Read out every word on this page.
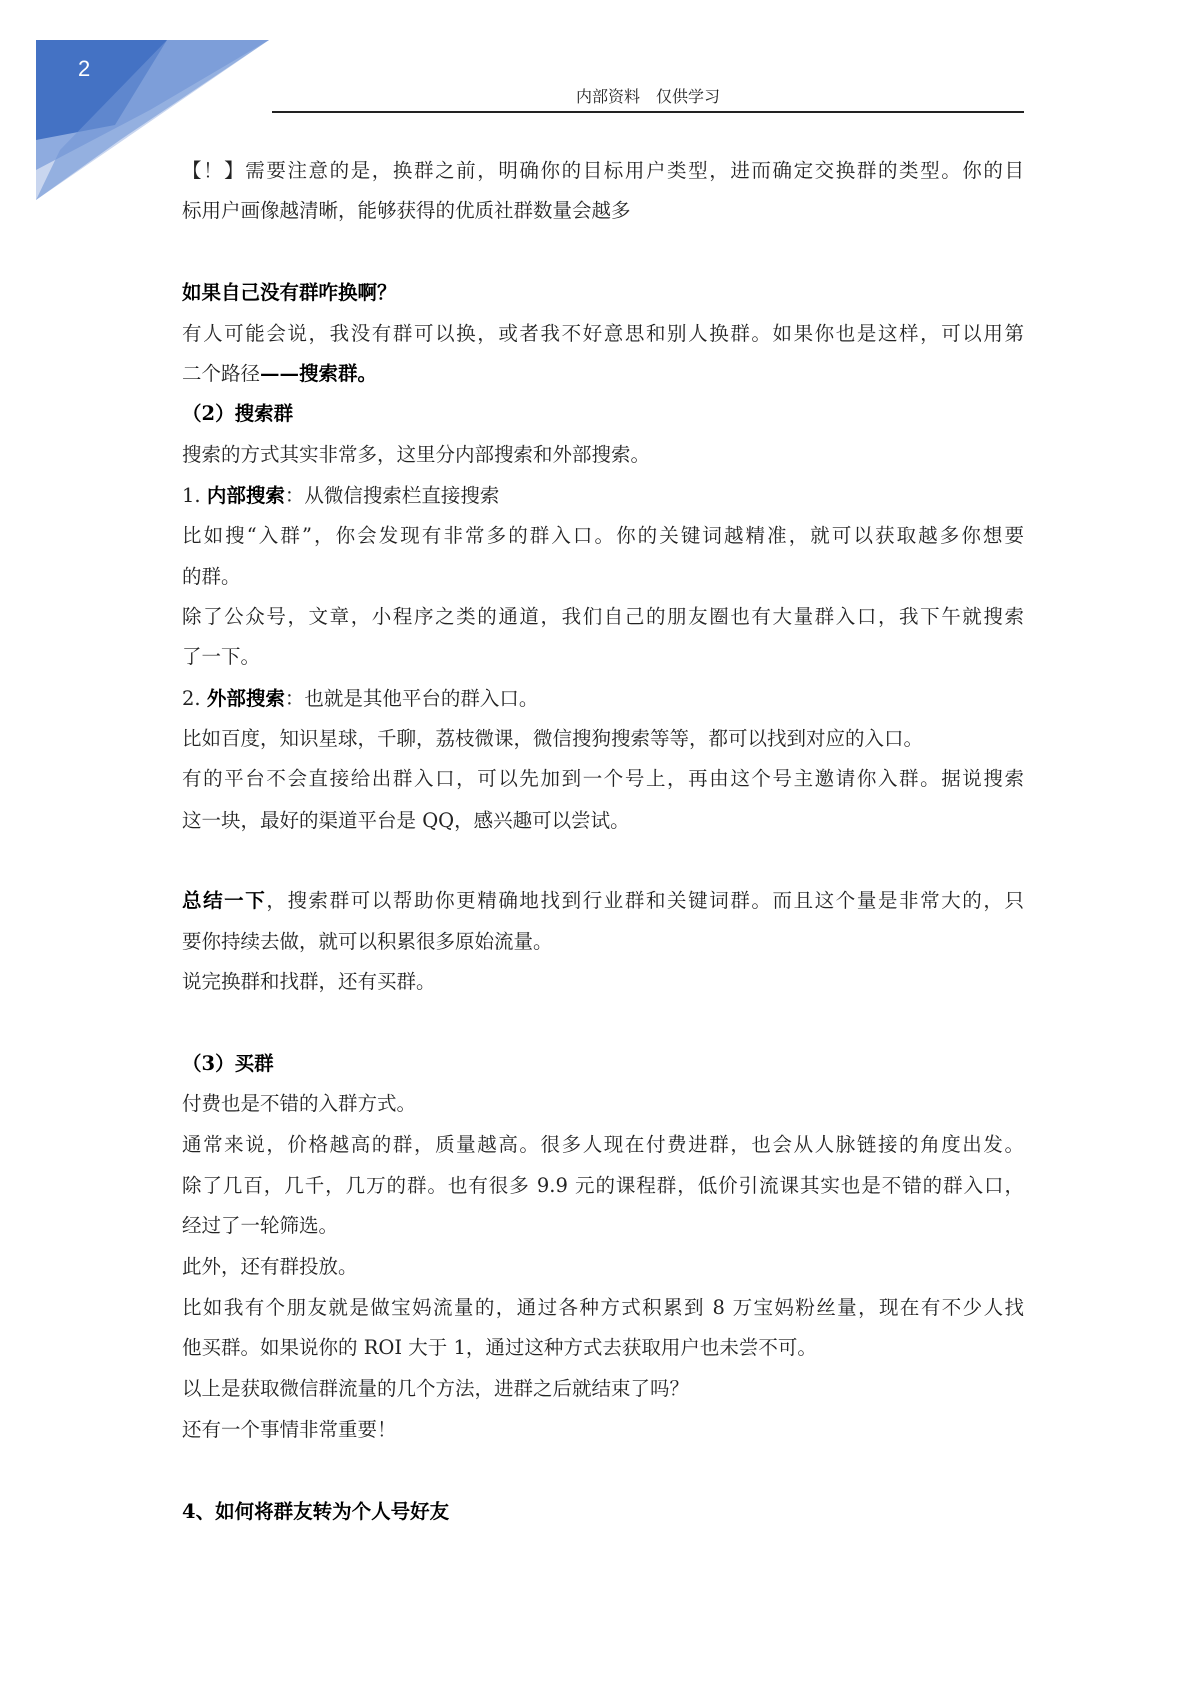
2
内部资料　仅供学习
【！】需要注意的是，换群之前，明确你的目标用户类型，进而确定交换群的类型。你的目
标用户画像越清晰，能够获得的优质社群数量会越多
如果自己没有群咋换啊？
有人可能会说，我没有群可以换，或者我不好意思和别人换群。如果你也是这样，可以用第
二个路径——搜索群。
（2）搜索群
搜索的方式其实非常多，这里分内部搜索和外部搜索。
1. 内部搜索：从微信搜索栏直接搜索
比如搜“入群”，你会发现有非常多的群入口。你的关键词越精准，就可以获取越多你想要
的群。
除了公众号，文章，小程序之类的通道，我们自己的朋友圈也有大量群入口，我下午就搜索
了一下。
2. 外部搜索：也就是其他平台的群入口。
比如百度，知识星球，千聊，荔枝微课，微信搜狗搜索等等，都可以找到对应的入口。
有的平台不会直接给出群入口，可以先加到一个号上，再由这个号主邀请你入群。据说搜索
这一块，最好的渠道平台是 QQ，感兴趣可以尝试。
总结一下，搜索群可以帮助你更精确地找到行业群和关键词群。而且这个量是非常大的，只
要你持续去做，就可以积累很多原始流量。
说完换群和找群，还有买群。
（3）买群
付费也是不错的入群方式。
通常来说，价格越高的群，质量越高。很多人现在付费进群，也会从人脉链接的角度出发。
除了几百，几千，几万的群。也有很多 9.9 元的课程群，低价引流课其实也是不错的群入口，
经过了一轮筛选。
此外，还有群投放。
比如我有个朋友就是做宝妈流量的，通过各种方式积累到 8 万宝妈粉丝量，现在有不少人找
他买群。如果说你的 ROI 大于 1，通过这种方式去获取用户也未尝不可。
以上是获取微信群流量的几个方法，进群之后就结束了吗？
还有一个事情非常重要！
4、如何将群友转为个人号好友
